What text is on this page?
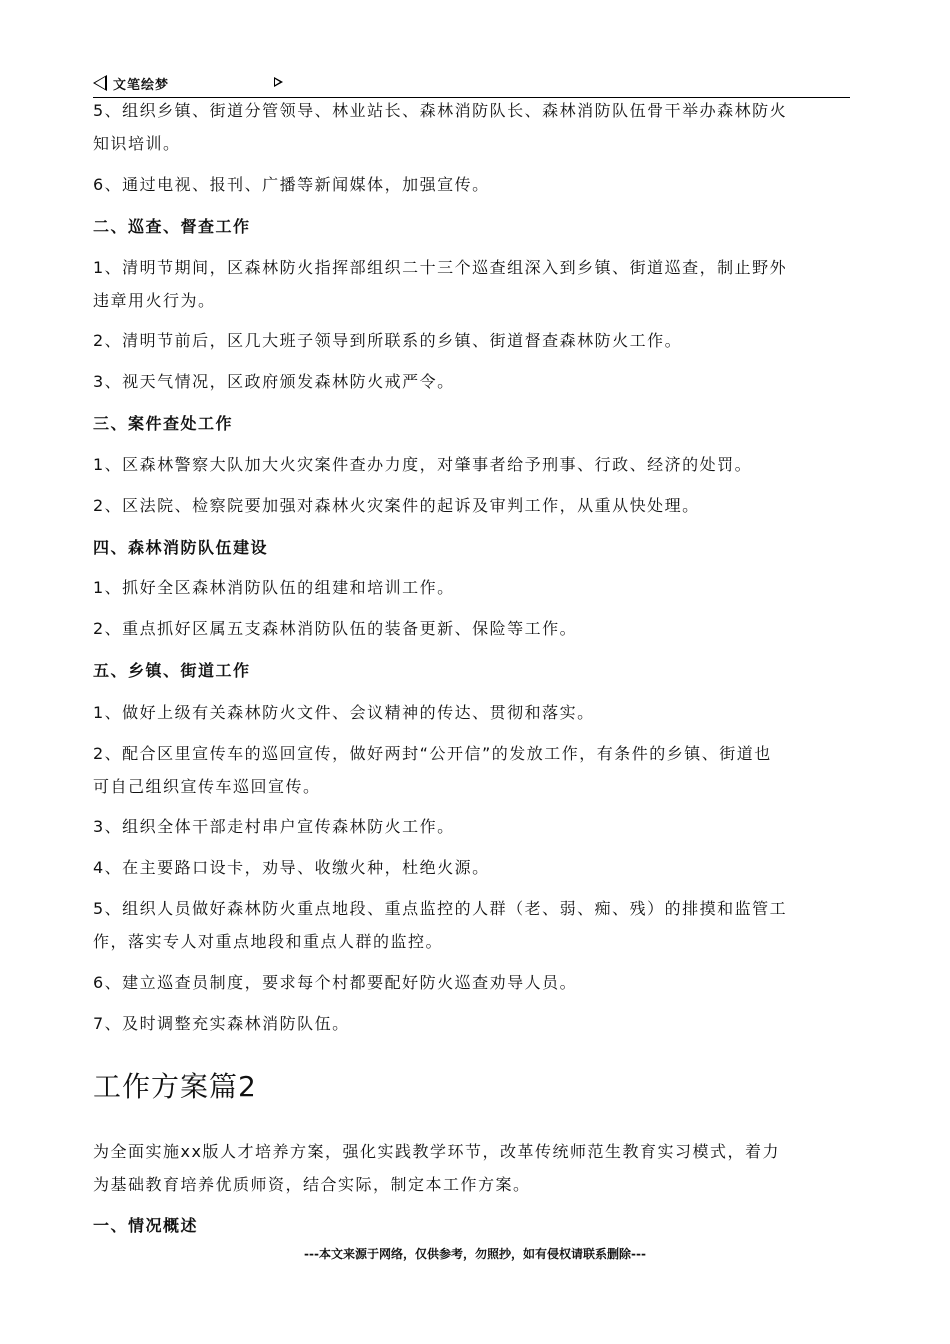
文笔绘梦
5、组织乡镇、街道分管领导、林业站长、森林消防队长、森林消防队伍骨干举办森林防火
知识培训。
6、通过电视、报刊、广播等新闻媒体，加强宣传。
二、巡查、督查工作
1、清明节期间，区森林防火指挥部组织二十三个巡查组深入到乡镇、街道巡查，制止野外
违章用火行为。
2、清明节前后，区几大班子领导到所联系的乡镇、街道督查森林防火工作。
3、视天气情况，区政府颁发森林防火戒严令。
三、案件查处工作
1、区森林警察大队加大火灾案件查办力度，对肇事者给予刑事、行政、经济的处罚。
2、区法院、检察院要加强对森林火灾案件的起诉及审判工作，从重从快处理。
四、森林消防队伍建设
1、抓好全区森林消防队伍的组建和培训工作。
2、重点抓好区属五支森林消防队伍的装备更新、保险等工作。
五、乡镇、街道工作
1、做好上级有关森林防火文件、会议精神的传达、贯彻和落实。
2、配合区里宣传车的巡回宣传，做好两封“公开信”的发放工作，有条件的乡镇、街道也
可自己组织宣传车巡回宣传。
3、组织全体干部走村串户宣传森林防火工作。
4、在主要路口设卡，劝导、收缴火种，杜绝火源。
5、组织人员做好森林防火重点地段、重点监控的人群（老、弱、痴、残）的排摸和监管工
作，落实专人对重点地段和重点人群的监控。
6、建立巡查员制度，要求每个村都要配好防火巡查劝导人员。
7、及时调整充实森林消防队伍。
工作方案篇2
为全面实施xx版人才培养方案，强化实践教学环节，改革传统师范生教育实习模式，着力
为基础教育培养优质师资，结合实际，制定本工作方案。
一、情况概述
---本文来源于网络，仅供参考，勿照抄，如有侵权请联系删除---
